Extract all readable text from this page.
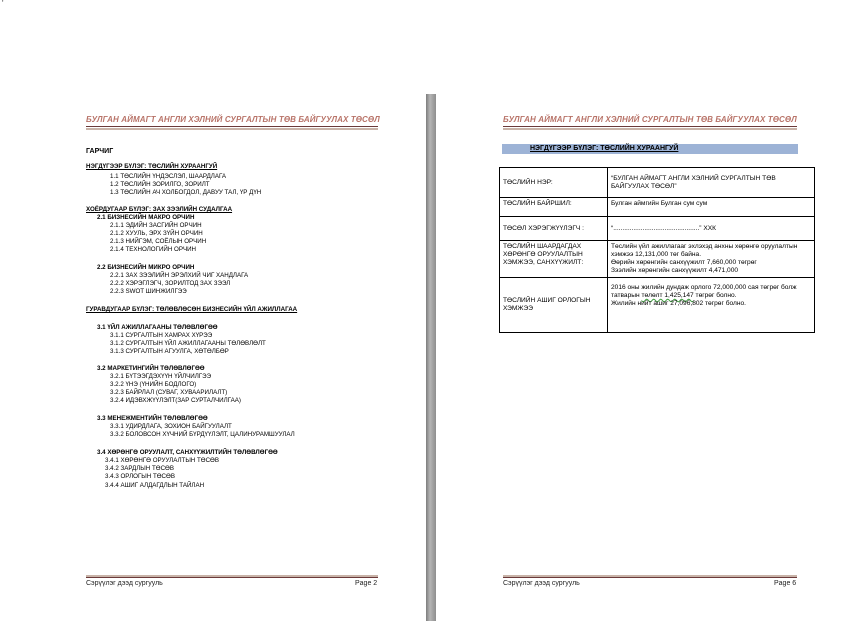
'
БУЛГАН АЙМАГТ АНГЛИ ХЭЛНИЙ СУРГАЛТЫН ТӨВ БАЙГУУЛАХ ТӨСӨЛ	БУЛГАН АЙМАГТ АНГЛИ ХЭЛНИЙ СУРГАЛТЫН ТӨВ БАЙГУУЛАХ ТӨСӨЛ
ГАРЧИГ
НЭГДҮГЭЭР БҮЛЭГ: ТӨСЛИЙН ХУРААНГУЙ
1.1 ТӨСЛИЙН ҮНДЭСЛЭЛ, ШААРДЛАГА
1.2 ТӨСЛИЙН ЗОРИЛГО, ЗОРИЛТ
1.3 ТӨСЛИЙН АЧ ХОЛБОГДОЛ, ДАВУУ ТАЛ, ҮР ДҮН
ХОЁРДУГААР БҮЛЭГ: ЗАХ ЗЭЭЛИЙН СУДАЛГАА
2.1 БИЗНЕСИЙН МАКРО ОРЧИН
2.1.1 ЭДИЙН ЗАСГИЙН ОРЧИН
2.1.2 ХУУЛЬ, ЭРХ ЗҮЙН ОРЧИН
2.1.3 НИЙГЭМ, СОЁЛЫН ОРЧИН
2.1.4 ТЕХНОЛОГИЙН ОРЧИН
2.2 БИЗНЕСИЙН МИКРО ОРЧИН
2.2.1 ЗАХ ЗЭЭЛИЙН ЭРЭЛХИЙ ЧИГ ХАНДЛАГА
2.2.2 ХЭРЭГЛЭГЧ, ЗОРИЛТОД ЗАХ ЗЭЭЛ
2.2.3 SWOT ШИНЖИЛГЭЭ
ГУРАВДУГААР БҮЛЭГ: ТӨЛӨВЛӨСӨН БИЗНЕСИЙН ҮЙЛ АЖИЛЛАГАА
3.1 ҮЙЛ АЖИЛЛАГААНЫ ТӨЛӨВЛӨГӨӨ
3.1.1 СУРГАЛТЫН ХАМРАХ ХҮРЭЭ
3.1.2 СУРГАЛТЫН ҮЙЛ АЖИЛЛАГААНЫ ТӨЛӨВЛӨЛТ
3.1.3 СУРГАЛТЫН АГУУЛГА, ХӨТӨЛБӨР
3.2 МАРКЕТИНГИЙН ТӨЛӨВЛӨГӨӨ
3.2.1 БҮТЭЭГДЭХҮҮН ҮЙЛЧИЛГЭЭ
3.2.2 ҮНЭ (ҮНИЙН БОДЛОГО)
3.2.3 БАЙРЛАЛ (СУВАГ, ХУВААРИЛАЛТ)
3.2.4 ИДЭВХЖҮҮЛЭЛТ(ЗАР СУРТАЛЧИЛГАА)
3.3 МЕНЕЖМЕНТИЙН ТӨЛӨВЛӨГӨӨ
3.3.1 УДИРДЛАГА, ЗОХИОН БАЙГУУЛАЛТ
3.3.2 БОЛОВСОН ХҮЧНИЙ БҮРДҮҮЛЭЛТ, ЦАЛИНУРАМШУУЛАЛ
3.4 ХӨРӨНГӨ ОРУУЛАЛТ, САНХҮҮЖИЛТИЙН ТӨЛӨВЛӨГӨӨ
3.4.1 ХӨРӨНГӨ ОРУУЛАЛТЫН ТӨСӨВ
3.4.2 ЗАРДЛЫН ТӨСӨВ
3.4.3 ОРЛОГЫН ТӨСӨВ
3.4.4 АШИГ АЛДАГДЛЫН ТАЙЛАН
НЭГДҮГЭЭР БҮЛЭГ: ТӨСЛИЙН ХУРААНГУЙ
ТӨСЛИЙН НЭР:	“БУЛГАН АЙМАГТ АНГЛИ ХЭЛНИЙ СУРГАЛТЫН ТӨВ БАЙГУУЛАХ ТӨСӨЛ”
ТӨСЛИЙН БАЙРШИЛ:	Булган аймгийн Булган сум сум
ТӨСӨЛ ХЭРЭГЖҮҮЛЭГЧ :	“...............................................” ХХК
ТӨСЛИЙН ШААРДАГДАХ ХӨРӨНГӨ ОРУУЛАЛТЫН ХЭМЖЭЭ, САНХҮҮЖИЛТ:	Төслийн үйл ажиллагааг эхлэхэд анхны хөрөнгө оруулалтын хэмжээ 12,131,000 төг байна.
Өөрийн хөрөнгийн санхүүжилт 7,660,000 төгрөг
Зээлийн хөрөнгийн санхүүжилт 4,471,000

ТӨСЛИЙН АШИГ ОРЛОГЫН ХЭМЖЭЭ	2016 оны жилийн дундаж орлого 72,000,000 сая төгрөг болж татварын төлөлт 1,425,147 төгрөг болно.
Жилийн нийт ашиг 27,096,802 төгрөг болно.
Сэрүүлэг дээд сургууль	Page 2	Сэрүүлэг дээд сургууль	Page 6
